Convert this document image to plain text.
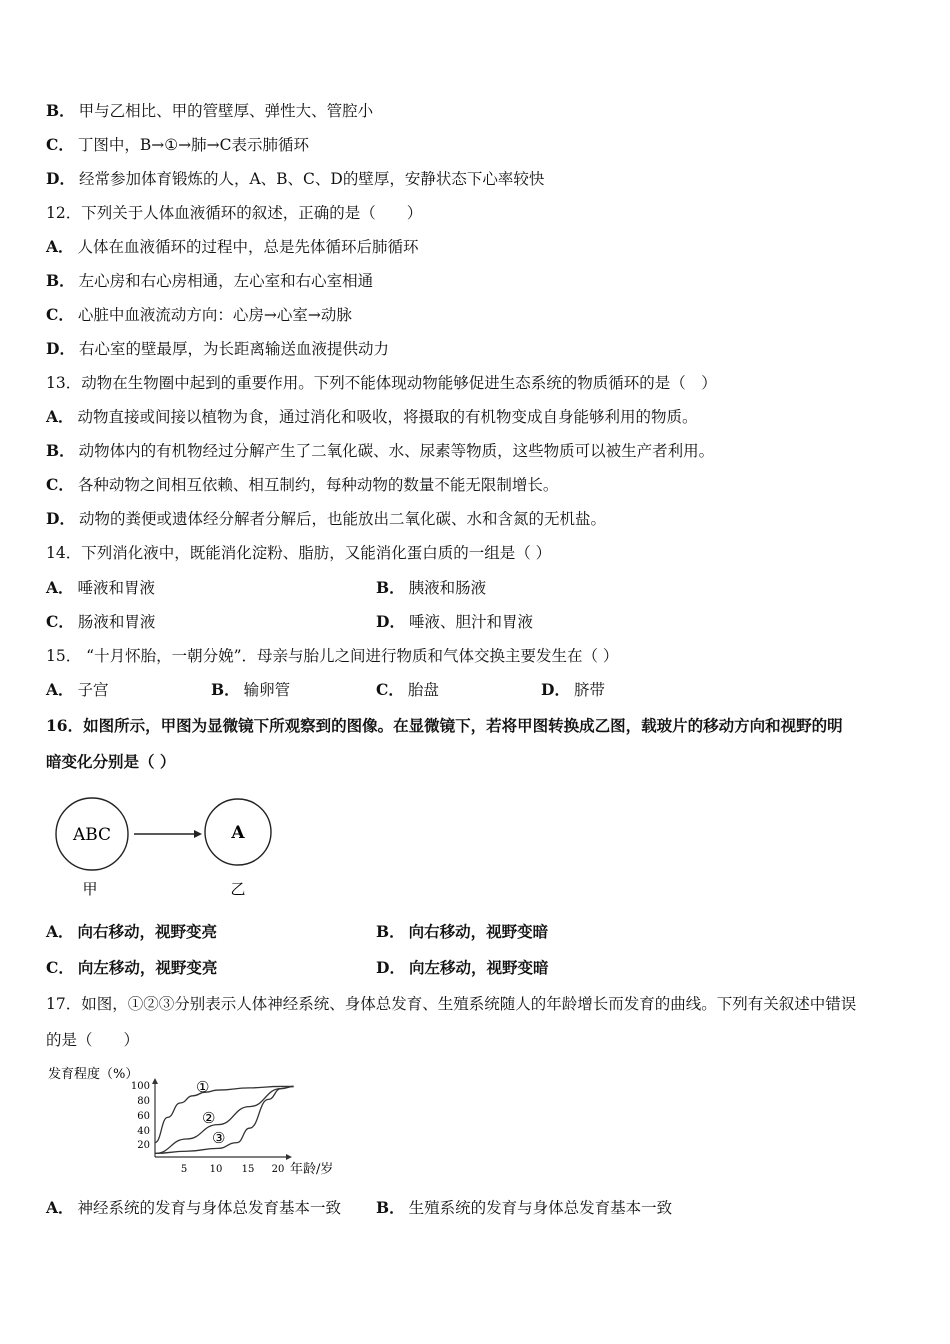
B． 甲与乙相比、甲的管壁厚、弹性大、管腔小
C． 丁图中，B→①→肺→C表示肺循环
D． 经常参加体育锻炼的人，A、B、C、D的壁厚，安静状态下心率较快
12．下列关于人体血液循环的叙述，正确的是（　　）
A． 人体在血液循环的过程中，总是先体循环后肺循环
B． 左心房和右心房相通，左心室和右心室相通
C． 心脏中血液流动方向：心房→心室→动脉
D． 右心室的壁最厚，为长距离输送血液提供动力
13．动物在生物圈中起到的重要作用。下列不能体现动物能够促进生态系统的物质循环的是（　）
A． 动物直接或间接以植物为食，通过消化和吸收，将摄取的有机物变成自身能够利用的物质。
B． 动物体内的有机物经过分解产生了二氧化碳、水、尿素等物质，这些物质可以被生产者利用。
C． 各种动物之间相互依赖、相互制约，每种动物的数量不能无限制增长。
D． 动物的粪便或遗体经分解者分解后，也能放出二氧化碳、水和含氮的无机盐。
14．下列消化液中，既能消化淀粉、脂肪，又能消化蛋白质的一组是（ ）
A． 唾液和胃液	B． 胰液和肠液
C． 肠液和胃液	D． 唾液、胆汁和胃液
15． “十月怀胎，一朝分娩”．母亲与胎儿之间进行物质和气体交换主要发生在（ ）
A． 子宫	B． 输卵管	C． 胎盘	D． 脐带
16．如图所示，甲图为显微镜下所观察到的图像。在显微镜下，若将甲图转换成乙图，载玻片的移动方向和视野的明
暗变化分别是（ ）
ABC	A
甲	乙
A． 向右移动，视野变亮	B． 向右移动，视野变暗
C． 向左移动，视野变亮	D． 向左移动，视野变暗
17．如图，①②③分别表示人体神经系统、身体总发育、生殖系统随人的年龄增长而发育的曲线。下列有关叙述中错误
的是（　　）
发育程度（%）
100
80
60
40
20
5 10 15 20 年龄/岁
①
②
③
A． 神经系统的发育与身体总发育基本一致 B． 生殖系统的发育与身体总发育基本一致
